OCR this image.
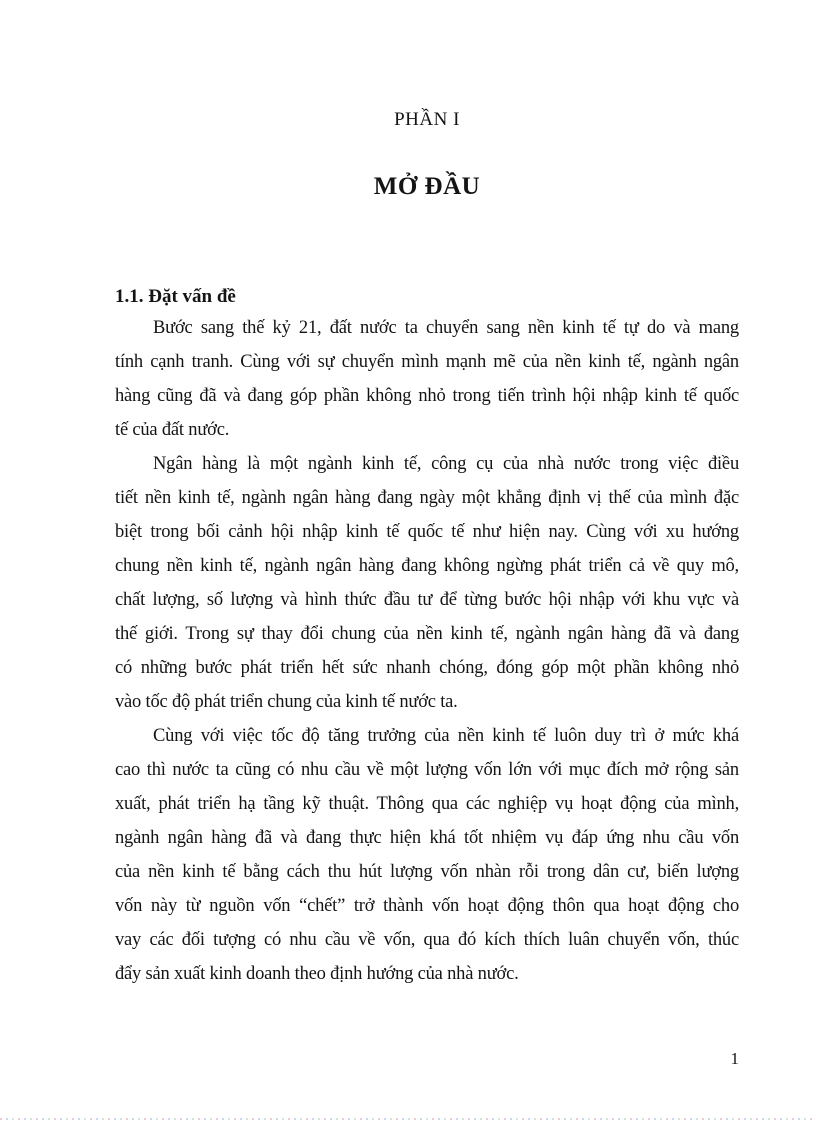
PHẦN I
MỞ ĐẦU
1.1. Đặt vấn đề
Bước sang thế kỷ 21, đất nước ta chuyển sang nền kinh tế tự do và mang
tính cạnh tranh. Cùng với sự chuyển mình mạnh mẽ của nền kinh tế, ngành ngân
hàng cũng đã và đang góp phần không nhỏ trong tiến trình hội nhập kinh tế quốc
tế của đất nước.
Ngân hàng là một ngành kinh tế, công cụ của nhà nước trong việc điều
tiết nền kinh tế, ngành ngân hàng đang ngày một khẳng định vị thế của mình đặc
biệt trong bối cảnh hội nhập kinh tế quốc tế như hiện nay. Cùng với xu hướng
chung nền kinh tế, ngành ngân hàng đang không ngừng phát triển cả về quy mô,
chất lượng, số lượng và hình thức đầu tư để từng bước hội nhập với khu vực và
thế giới. Trong sự thay đổi chung của nền kinh tế, ngành ngân hàng đã và đang
có những bước phát triển hết sức nhanh chóng, đóng góp một phần không nhỏ
vào tốc độ phát triển chung của kinh tế nước ta.
Cùng với việc tốc độ tăng trưởng của nền kinh tế luôn duy trì ở mức khá
cao thì nước ta cũng có nhu cầu về một lượng vốn lớn với mục đích mở rộng sản
xuất, phát triển hạ tầng kỹ thuật. Thông qua các nghiệp vụ hoạt động của mình,
ngành ngân hàng đã và đang thực hiện khá tốt nhiệm vụ đáp ứng nhu cầu vốn
của nền kinh tế bằng cách thu hút lượng vốn nhàn rỗi trong dân cư, biến lượng
vốn này từ nguồn vốn “chết” trở thành vốn hoạt động thôn qua hoạt động cho
vay các đối tượng có nhu cầu về vốn, qua đó kích thích luân chuyển vốn, thúc
đẩy sản xuất kinh doanh theo định hướng của nhà nước.
1
